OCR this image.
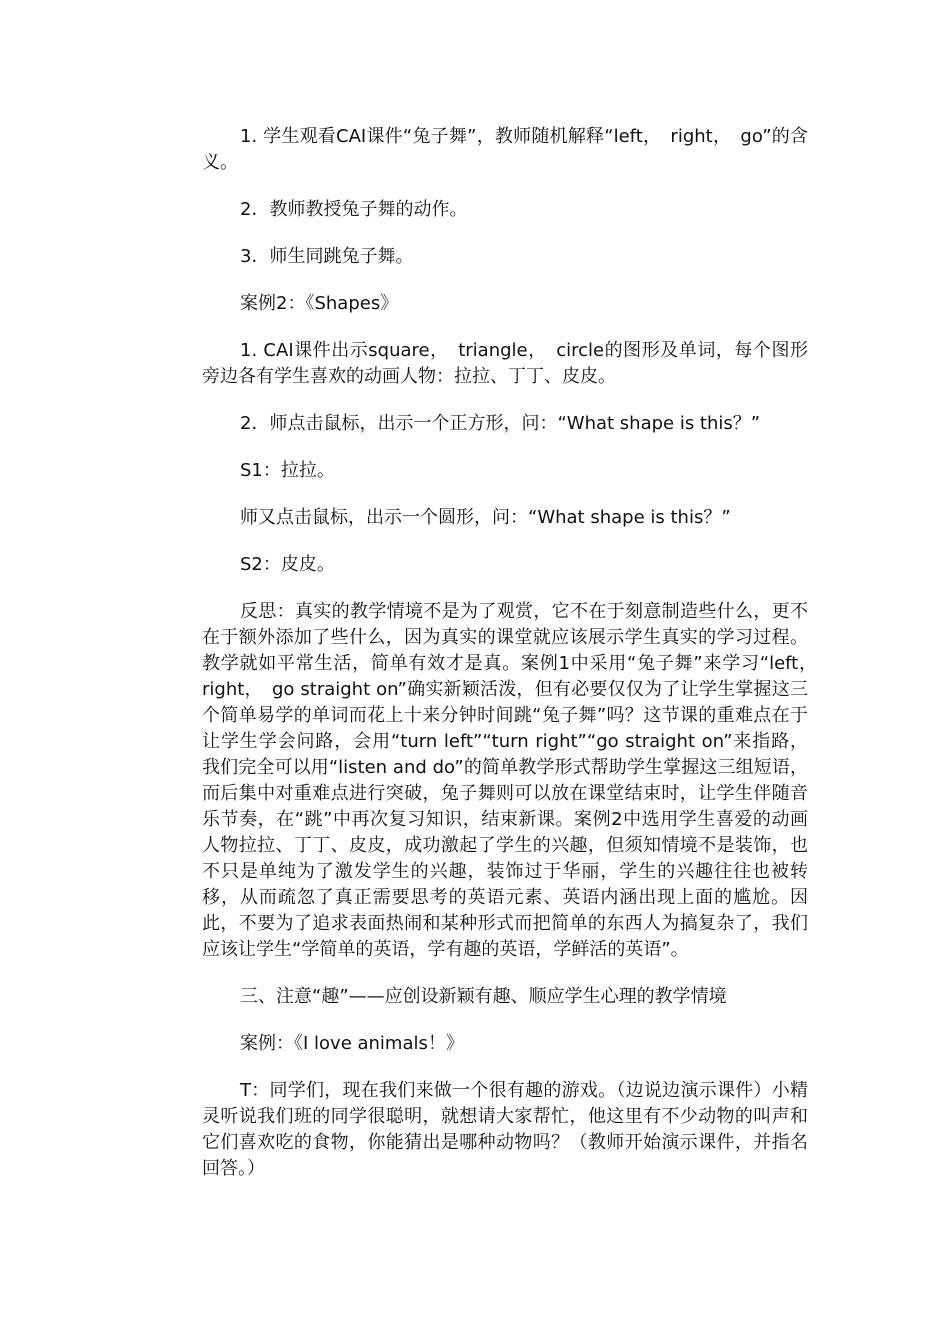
1. 学生观看CAI课件“兔子舞”，教师随机解释“left，　right，　go”的含义。

2．教师教授兔子舞的动作。

3．师生同跳兔子舞。

案例2：《Shapes》

1. CAI课件出示square，　triangle，　circle的图形及单词，每个图形旁边各有学生喜欢的动画人物：拉拉、丁丁、皮皮。

2．师点击鼠标，出示一个正方形，问：“What shape is this？”

S1：拉拉。

师又点击鼠标，出示一个圆形，问：“What shape is this？”

S2：皮皮。

反思：真实的教学情境不是为了观赏，它不在于刻意制造些什么，更不在于额外添加了些什么，因为真实的课堂就应该展示学生真实的学习过程。教学就如平常生活，简单有效才是真。案例1中采用“兔子舞”来学习“left，　right，　go straight on”确实新颖活泼，但有必要仅仅为了让学生掌握这三个简单易学的单词而花上十来分钟时间跳“兔子舞”吗？这节课的重难点在于让学生学会问路，会用“turn left”“turn right”“go straight on”来指路，我们完全可以用“listen and do”的简单教学形式帮助学生掌握这三组短语，而后集中对重难点进行突破，兔子舞则可以放在课堂结束时，让学生伴随音乐节奏，在“跳”中再次复习知识，结束新课。案例2中选用学生喜爱的动画人物拉拉、丁丁、皮皮，成功激起了学生的兴趣，但须知情境不是装饰，也不只是单纯为了激发学生的兴趣，装饰过于华丽，学生的兴趣往往也被转移，从而疏忽了真正需要思考的英语元素、英语内涵出现上面的尴尬。因此，不要为了追求表面热闹和某种形式而把简单的东西人为搞复杂了，我们应该让学生“学简单的英语，学有趣的英语，学鲜活的英语”。

三、注意“趣”——应创设新颖有趣、顺应学生心理的教学情境

案例：《I love animals！》

T：同学们，现在我们来做一个很有趣的游戏。（边说边演示课件）小精灵听说我们班的同学很聪明，就想请大家帮忙，他这里有不少动物的叫声和它们喜欢吃的食物，你能猜出是哪种动物吗？（教师开始演示课件，并指名回答。）
